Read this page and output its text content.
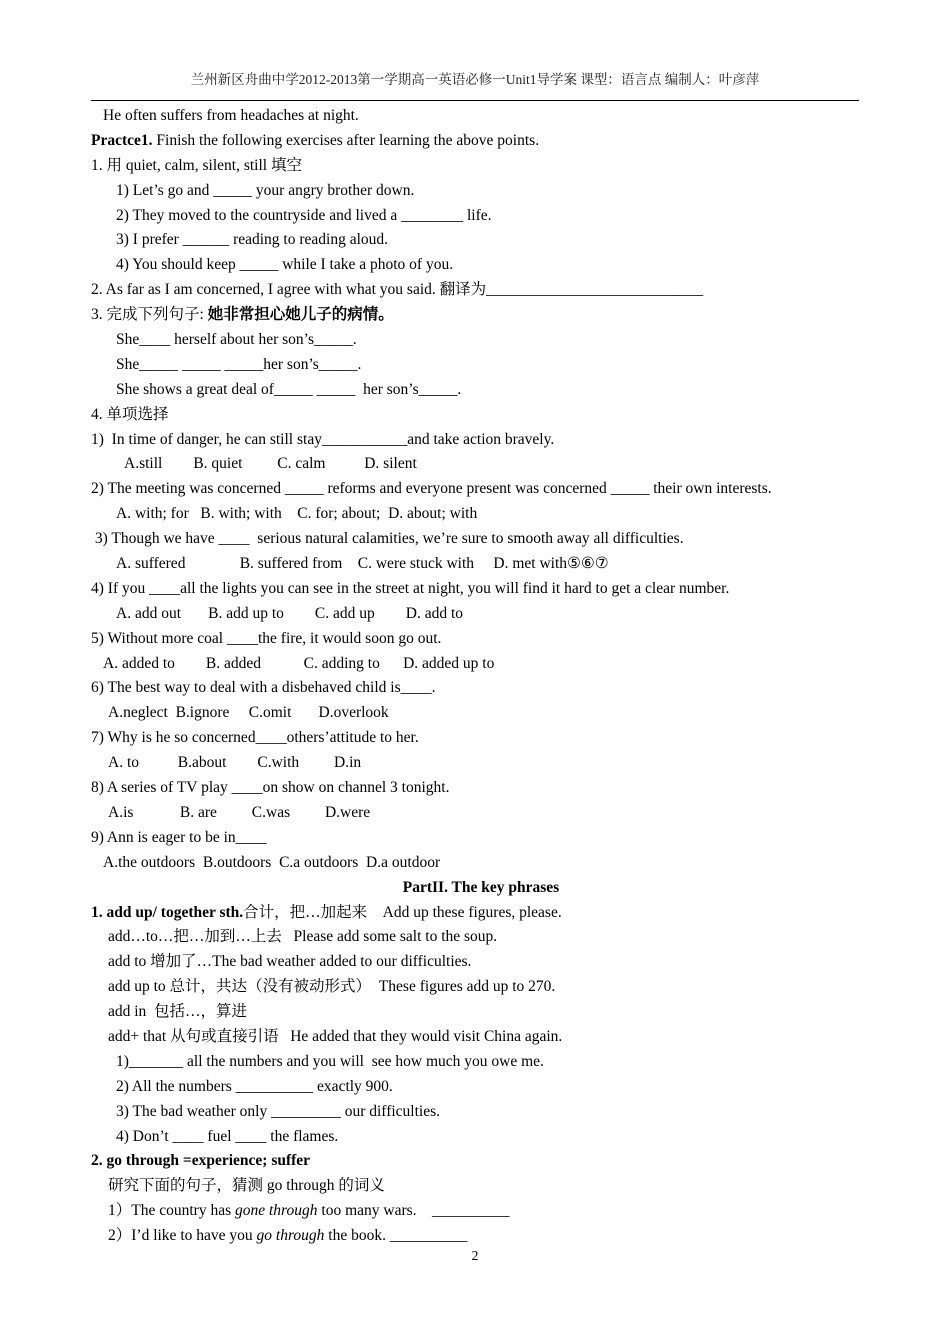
兰州新区舟曲中学2012-2013第一学期高一英语必修一Unit1导学案 课型：语言点 编制人：叶彦萍
He often suffers from headaches at night.
Practce1. Finish the following exercises after learning the above points.
1. 用 quiet, calm, silent, still 填空
1) Let’s go and _____ your angry brother down.
2) They moved to the countryside and lived a ________ life.
3) I prefer ______ reading to reading aloud.
4) You should keep _____ while I take a photo of you.
2. As far as I am concerned, I agree with what you said. 翻译为____________________________
3. 完成下列句子: 她非常担心她儿子的病情。
She____ herself about her son’s_____.
She_____ _____ _____her son’s_____.
She shows a great deal of_____ _____  her son’s_____.
4. 单项选择
1)  In time of danger, he can still stay___________and take action bravely.
A.still        B. quiet         C. calm          D. silent
2) The meeting was concerned _____ reforms and everyone present was concerned _____ their own interests.
A. with; for   B. with; with    C. for; about;  D. about; with
3) Though we have ____  serious natural calamities, we’re sure to smooth away all difficulties.
A. suffered              B. suffered from    C. were stuck with     D. met with⑤⑥⑦
4) If you ____all the lights you can see in the street at night, you will find it hard to get a clear number.
A. add out       B. add up to        C. add up        D. add to
5) Without more coal ____the fire, it would soon go out.
A. added to        B. added           C. adding to      D. added up to
6) The best way to deal with a disbehaved child is____.
A.neglect  B.ignore     C.omit       D.overlook
7) Why is he so concerned____others’attitude to her.
A. to          B.about        C.with         D.in
8) A series of TV play ____on show on channel 3 tonight.
A.is            B. are         C.was         D.were
9) Ann is eager to be in____
A.the outdoors  B.outdoors  C.a outdoors  D.a outdoor
PartII. The key phrases
1. add up/ together sth.合计，把…加起来    Add up these figures, please.
add…to…把…加到…上去   Please add some salt to the soup.
add to 增加了…The bad weather added to our difficulties.
add up to 总计，共达（没有被动形式）  These figures add up to 270.
add in  包括…，算进
add+ that 从句或直接引语   He added that they would visit China again.
1)_______ all the numbers and you will  see how much you owe me.
2) All the numbers __________ exactly 900.
3) The bad weather only _________ our difficulties.
4) Don’t ____ fuel ____ the flames.
2. go through =experience; suffer
研究下面的句子，猜测 go through 的词义
1）The country has gone through too many wars.    __________
2）I’d like to have you go through the book. __________
2
